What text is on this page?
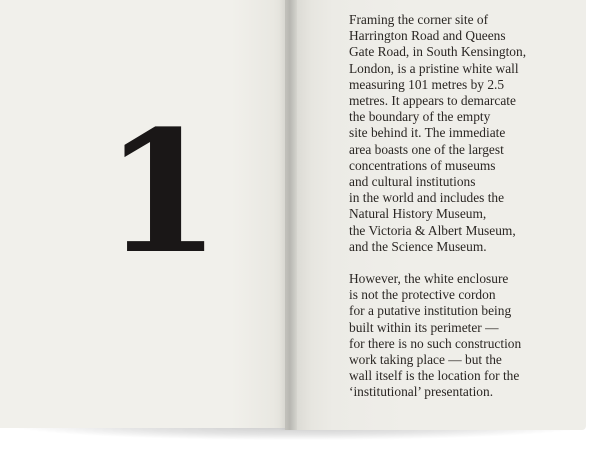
1
Framing the corner site of
Harrington Road and Queens
Gate Road, in South Kensington,
London, is a pristine white wall
measuring 101 metres by 2.5
metres. It appears to demarcate
the boundary of the empty
site behind it. The immediate
area boasts one of the largest
concentrations of museums
and cultural institutions
in the world and includes the
Natural History Museum,
the Victoria & Albert Museum,
and the Science Museum.
However, the white enclosure
is not the protective cordon
for a putative institution being
built within its perimeter —
for there is no such construction
work taking place — but the
wall itself is the location for the
‘institutional’ presentation.
